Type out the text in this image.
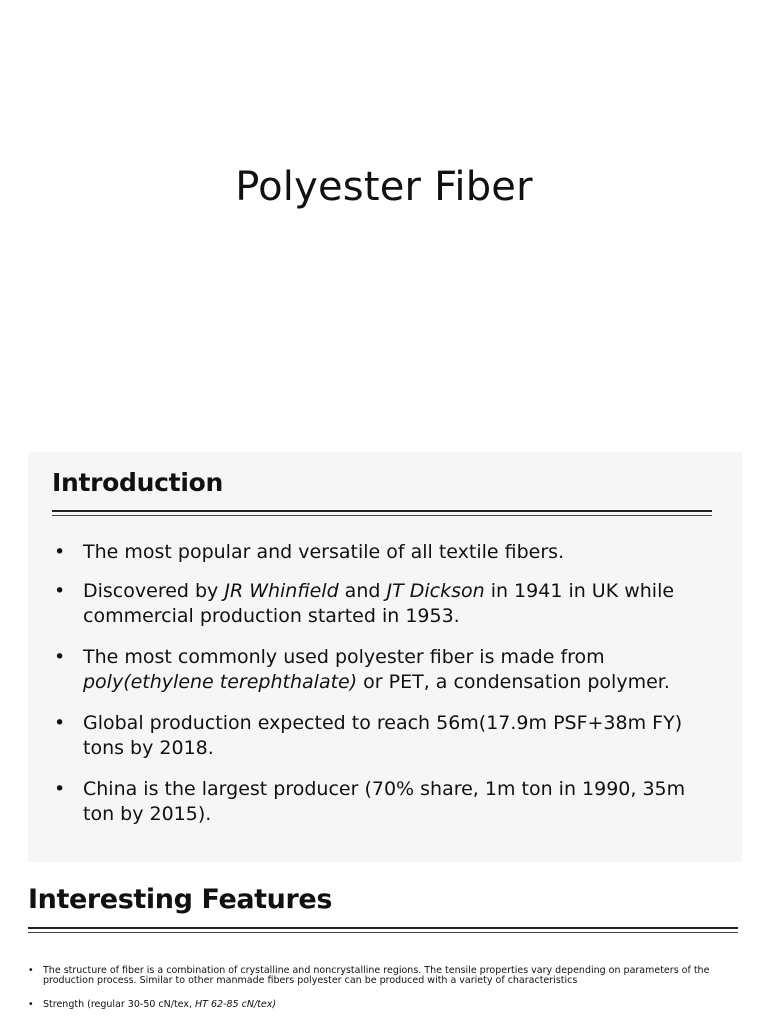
Polyester Fiber
Introduction
• The most popular and versatile of all textile fibers.
• Discovered by JR Whinfield and JT Dickson in 1941 in UK while commercial production started in 1953.
• The most commonly used polyester fiber is made from poly(ethylene terephthalate) or PET, a condensation polymer.
• Global production expected to reach 56m(17.9m PSF+38m FY) tons by 2018.
• China is the largest producer (70% share, 1m ton in 1990, 35m ton by 2015).
Interesting Features
• The structure of fiber is a combination of crystalline and noncrystalline regions. The tensile properties vary depending on parameters of the production process. Similar to other manmade fibers polyester can be produced with a variety of characteristics
• Strength (regular 30-50 cN/tex, HT 62-85 cN/tex)
